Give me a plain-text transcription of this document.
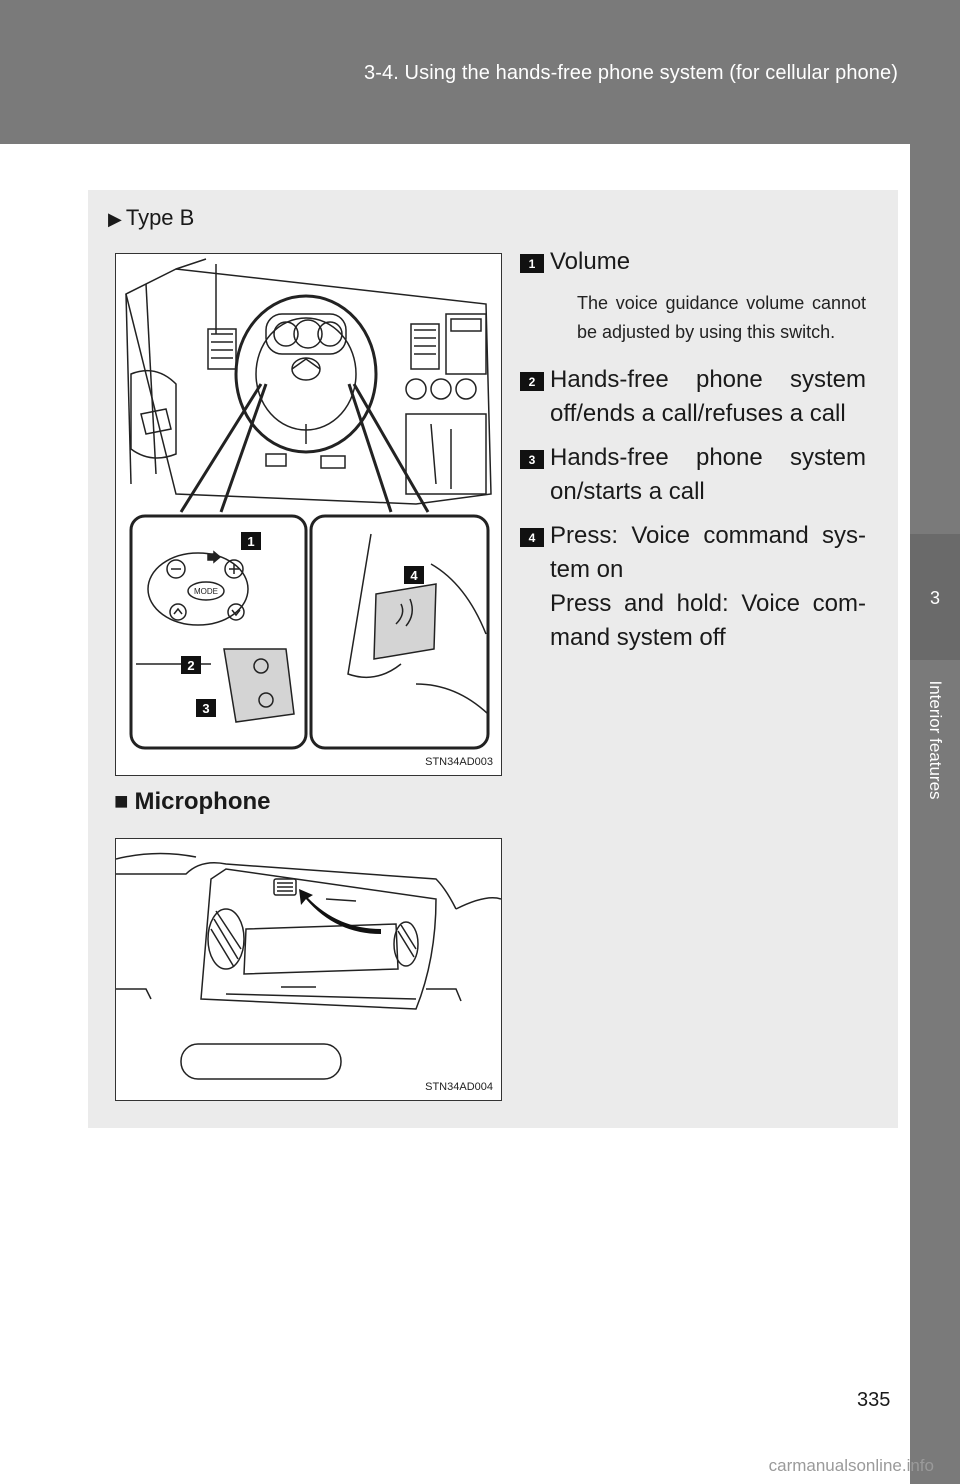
3-4. Using the hands-free phone system (for cellular phone)
3
Interior features
▶ Type B
MODE
1
2
3
4
STN34AD003
1 Volume
The voice guidance volume cannot be adjusted by using this switch.
2 Hands-free phone system off/ends a call/refuses a call
3 Hands-free phone system on/starts a call
4 Press: Voice command sys-tem on
Press and hold: Voice com-mand system off
■ Microphone
STN34AD004
335
carmanualsonline.info
